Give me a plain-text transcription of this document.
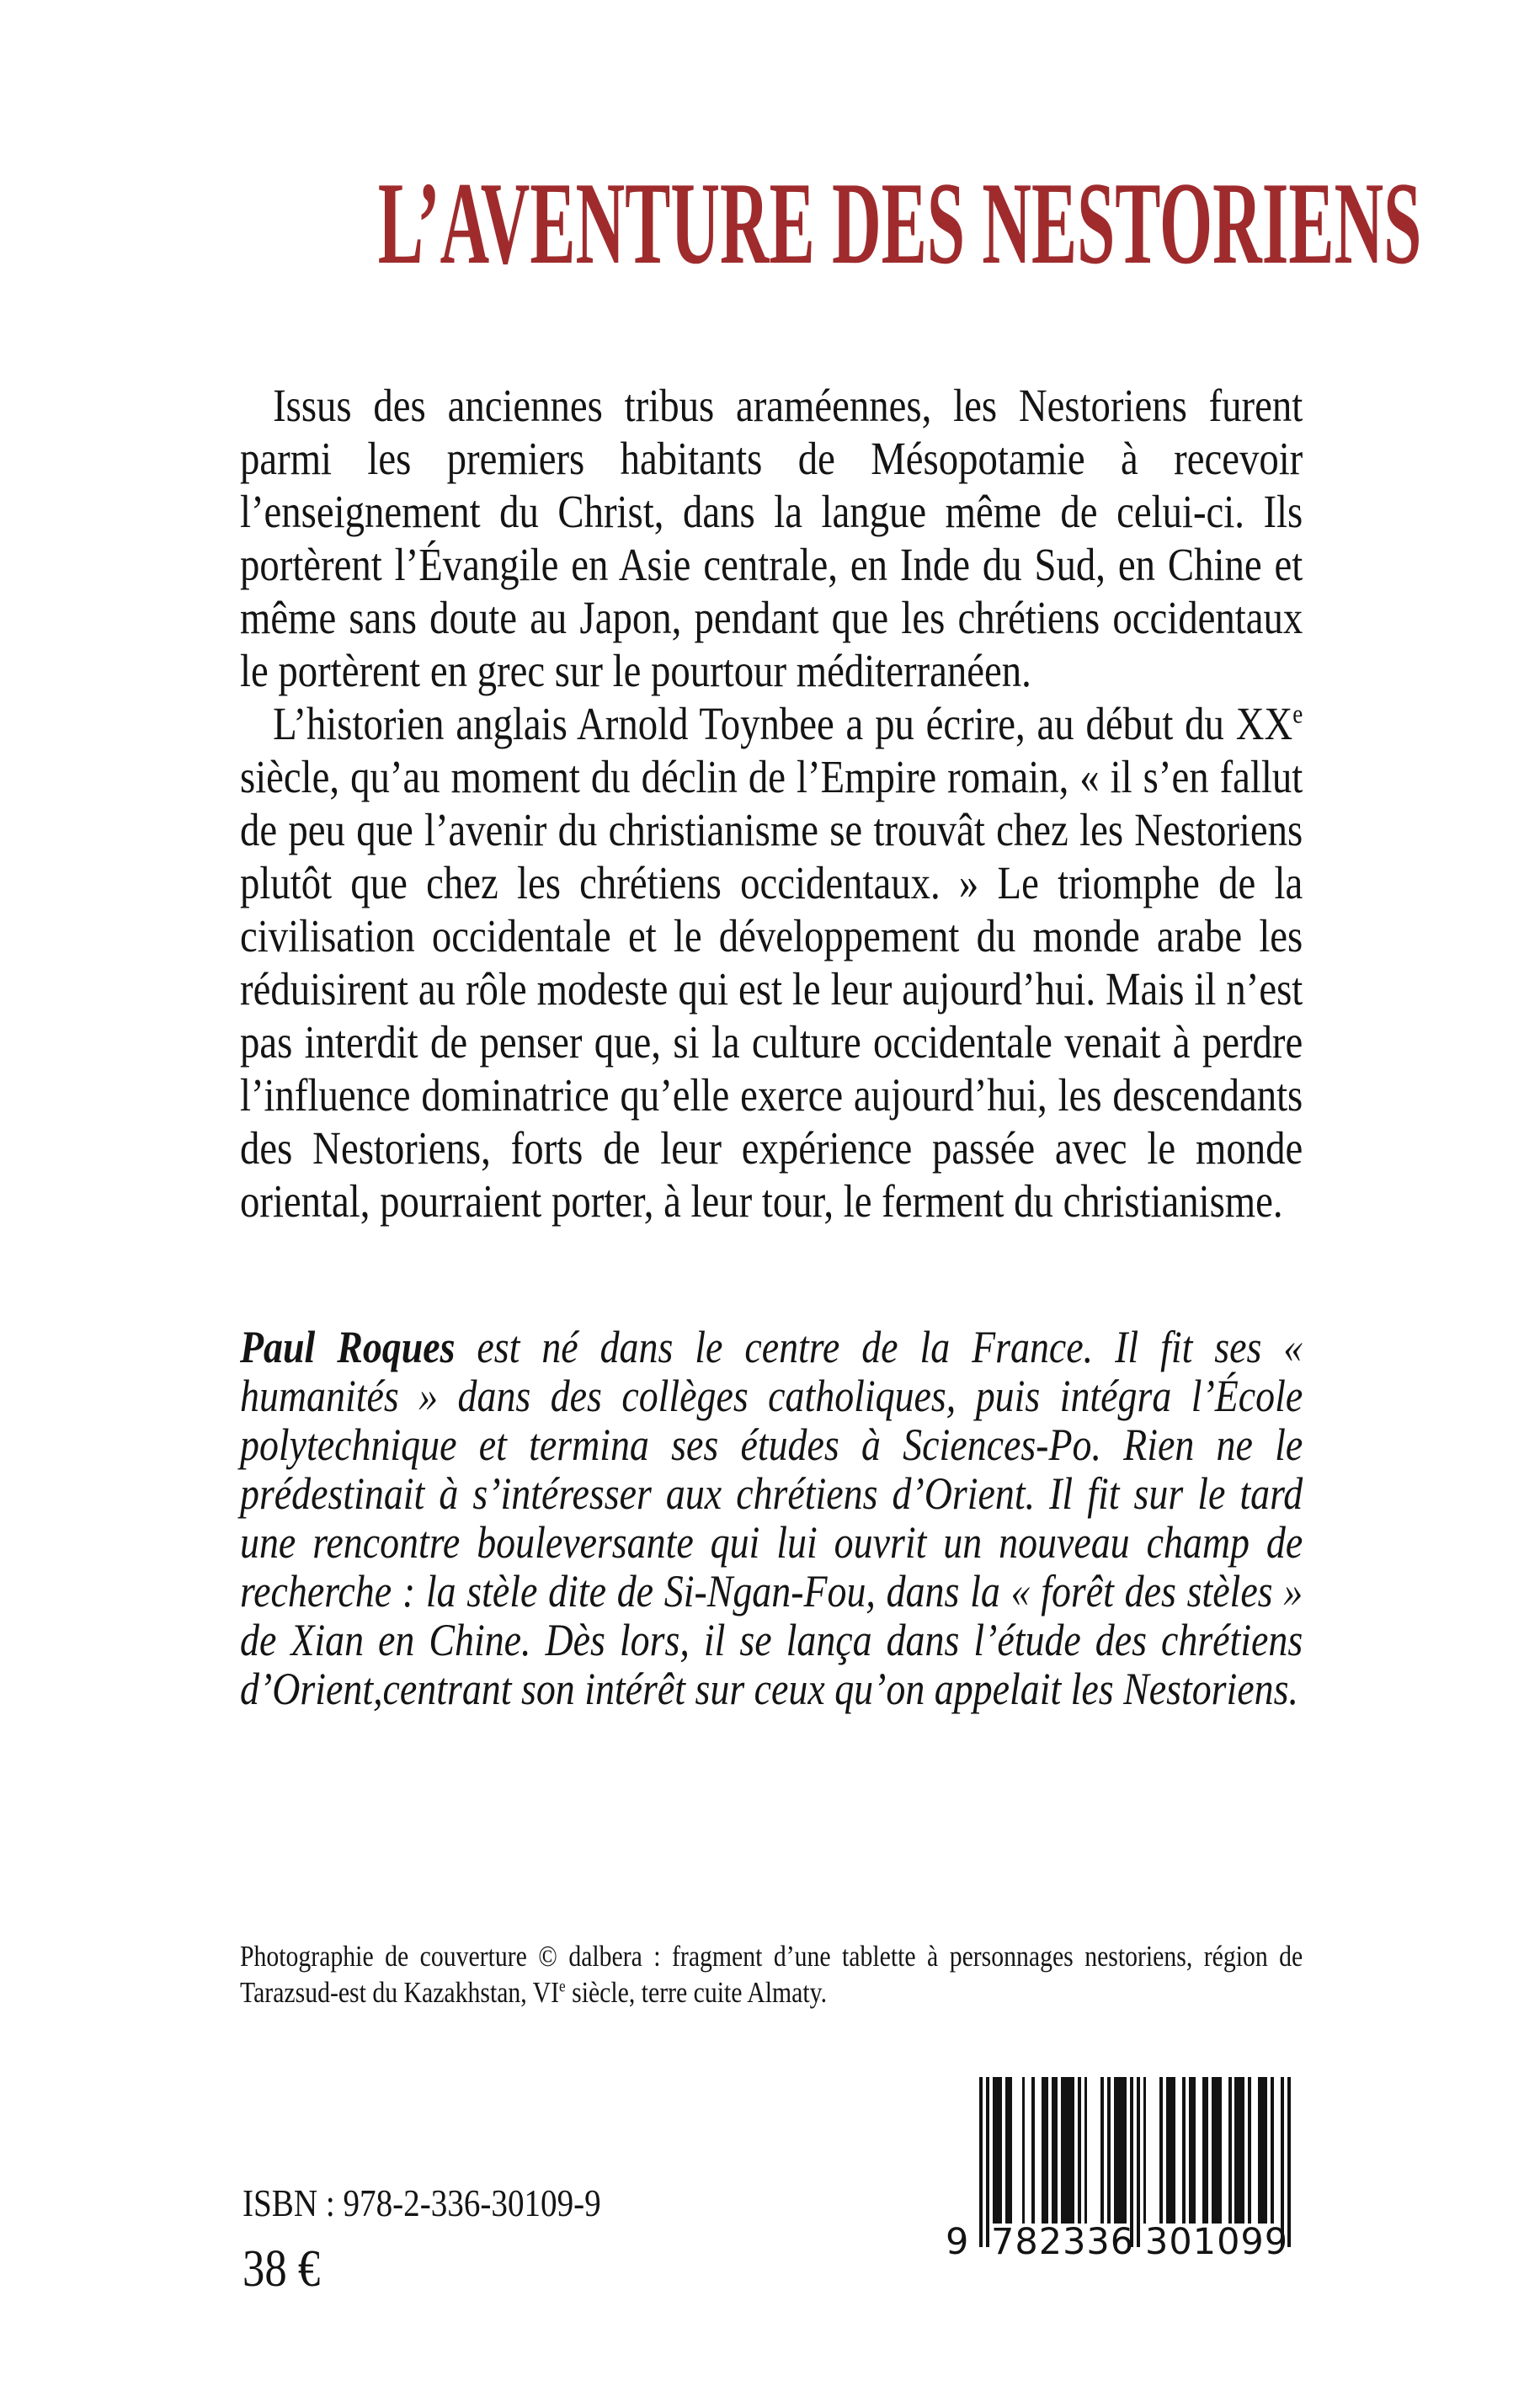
L’AVENTURE DES NESTORIENS

Issus des anciennes tribus araméennes, les Nestoriens furent parmi les premiers habitants de Mésopotamie à recevoir l’enseignement du Christ, dans la langue même de celui-ci. Ils portèrent l’Évangile en Asie centrale, en Inde du Sud, en Chine et même sans doute au Japon, pendant que les chrétiens occidentaux le portèrent en grec sur le pourtour méditerranéen.

L’historien anglais Arnold Toynbee a pu écrire, au début du XXe siècle, qu’au moment du déclin de l’Empire romain, « il s’en fallut de peu que l’avenir du christianisme se trouvât chez les Nestoriens plutôt que chez les chrétiens occidentaux. » Le triomphe de la civilisation occidentale et le développement du monde arabe les réduisirent au rôle modeste qui est le leur aujourd’hui. Mais il n’est pas interdit de penser que, si la culture occidentale venait à perdre l’influence dominatrice qu’elle exerce aujourd’hui, les descendants des Nestoriens, forts de leur expérience passée avec le monde oriental, pourraient porter, à leur tour, le ferment du christianisme.

Paul Roques est né dans le centre de la France. Il fit ses « humanités » dans des collèges catholiques, puis intégra l’École polytechnique et termina ses études à Sciences-Po. Rien ne le prédestinait à s’intéresser aux chrétiens d’Orient. Il fit sur le tard une rencontre bouleversante qui lui ouvrit un nouveau champ de recherche : la stèle dite de Si-Ngan-Fou, dans la « forêt des stèles » de Xian en Chine. Dès lors, il se lança dans l’étude des chrétiens d’Orient,centrant son intérêt sur ceux qu’on appelait les Nestoriens.

Photographie de couverture © dalbera : fragment d’une tablette à personnages nestoriens, région de Tarazsud-est du Kazakhstan, VIe siècle, terre cuite Almaty.

ISBN : 978-2-336-30109-9
38 €	9 782336 301099
